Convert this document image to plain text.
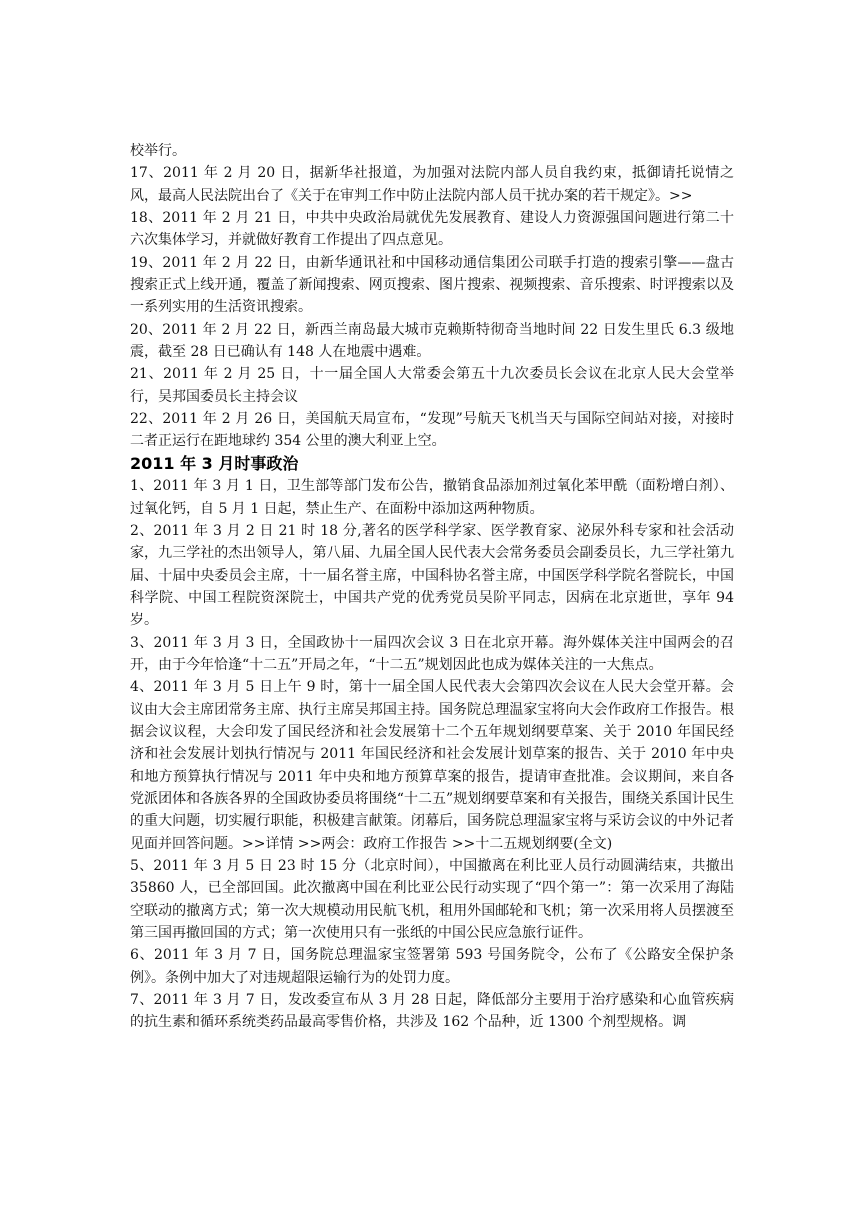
校举行。

17、2011 年 2 月 20 日，据新华社报道，为加强对法院内部人员自我约束，抵御请托说情之风，最高人民法院出台了《关于在审判工作中防止法院内部人员干扰办案的若干规定》。>>

18、2011 年 2 月 21 日，中共中央政治局就优先发展教育、建设人力资源强国问题进行第二十六次集体学习，并就做好教育工作提出了四点意见。

19、2011 年 2 月 22 日，由新华通讯社和中国移动通信集团公司联手打造的搜索引擎——盘古搜索正式上线开通，覆盖了新闻搜索、网页搜索、图片搜索、视频搜索、音乐搜索、时评搜索以及一系列实用的生活资讯搜索。

20、2011 年 2 月 22 日，新西兰南岛最大城市克赖斯特彻奇当地时间 22 日发生里氏 6.3 级地震，截至 28 日已确认有 148 人在地震中遇难。

21、2011 年 2 月 25 日，十一届全国人大常委会第五十九次委员长会议在北京人民大会堂举行，吴邦国委员长主持会议

22、2011 年 2 月 26 日，美国航天局宣布，“发现”号航天飞机当天与国际空间站对接，对接时二者正运行在距地球约 354 公里的澳大利亚上空。

2011 年 3 月时事政治

1、2011 年 3 月 1 日，卫生部等部门发布公告，撤销食品添加剂过氧化苯甲酰（面粉增白剂）、过氧化钙，自 5 月 1 日起，禁止生产、在面粉中添加这两种物质。

2、2011 年 3 月 2 日 21 时 18 分,著名的医学科学家、医学教育家、泌尿外科专家和社会活动家，九三学社的杰出领导人，第八届、九届全国人民代表大会常务委员会副委员长，九三学社第九届、十届中央委员会主席，十一届名誉主席，中国科协名誉主席，中国医学科学院名誉院长，中国科学院、中国工程院资深院士，中国共产党的优秀党员吴阶平同志，因病在北京逝世，享年 94 岁。

3、2011 年 3 月 3 日，全国政协十一届四次会议 3 日在北京开幕。海外媒体关注中国两会的召开，由于今年恰逢“十二五”开局之年，“十二五”规划因此也成为媒体关注的一大焦点。

4、2011 年 3 月 5 日上午 9 时，第十一届全国人民代表大会第四次会议在人民大会堂开幕。会议由大会主席团常务主席、执行主席吴邦国主持。国务院总理温家宝将向大会作政府工作报告。根据会议议程，大会印发了国民经济和社会发展第十二个五年规划纲要草案、关于 2010 年国民经济和社会发展计划执行情况与 2011 年国民经济和社会发展计划草案的报告、关于 2010 年中央和地方预算执行情况与 2011 年中央和地方预算草案的报告，提请审查批准。会议期间，来自各党派团体和各族各界的全国政协委员将围绕“十二五”规划纲要草案和有关报告，围绕关系国计民生的重大问题，切实履行职能，积极建言献策。闭幕后，国务院总理温家宝将与采访会议的中外记者见面并回答问题。>>详情 >>两会：政府工作报告 >>十二五规划纲要(全文)

5、2011 年 3 月 5 日 23 时 15 分（北京时间），中国撤离在利比亚人员行动圆满结束，共撤出 35860 人，已全部回国。此次撤离中国在利比亚公民行动实现了“四个第一”：第一次采用了海陆空联动的撤离方式；第一次大规模动用民航飞机，租用外国邮轮和飞机；第一次采用将人员摆渡至第三国再撤回国的方式；第一次使用只有一张纸的中国公民应急旅行证件。

6、2011 年 3 月 7 日，国务院总理温家宝签署第 593 号国务院令，公布了《公路安全保护条例》。条例中加大了对违规超限运输行为的处罚力度。

7、2011 年 3 月 7 日，发改委宣布从 3 月 28 日起，降低部分主要用于治疗感染和心血管疾病的抗生素和循环系统类药品最高零售价格，共涉及 162 个品种，近 1300 个剂型规格。调
